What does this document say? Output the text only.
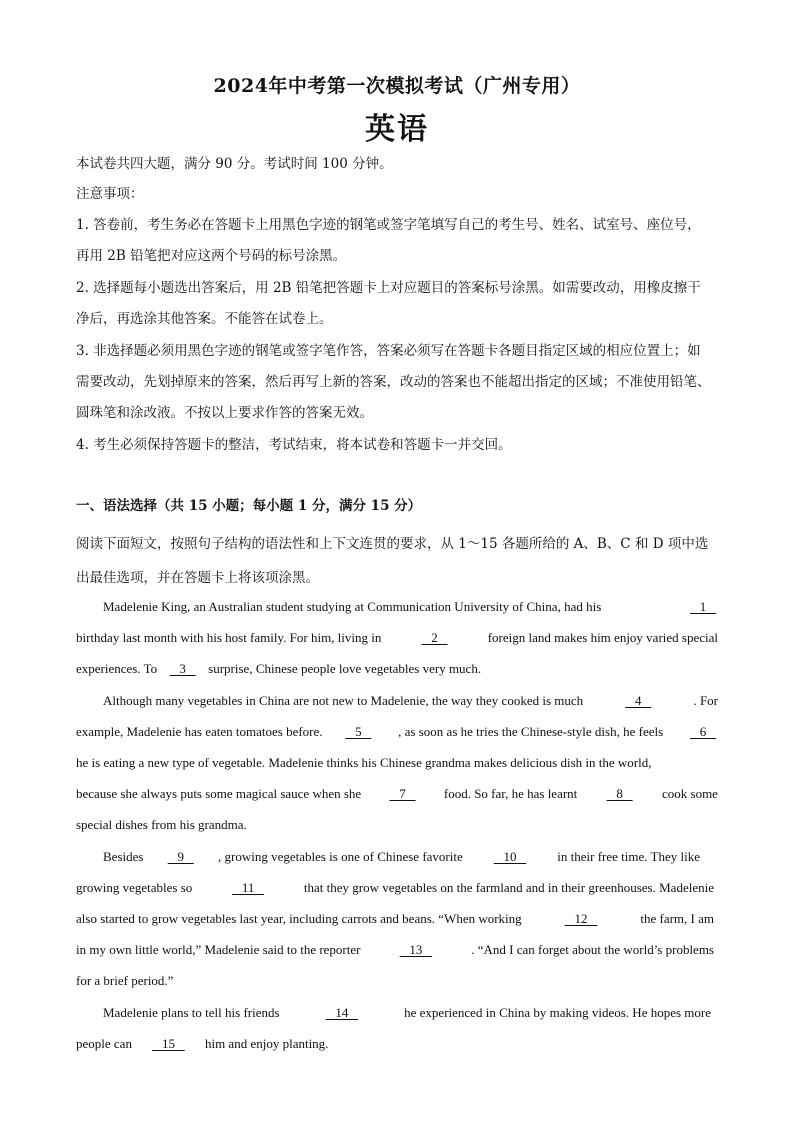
2024年中考第一次模拟考试（广州专用）
英语
本试卷共四大题，满分 90 分。考试时间 100 分钟。
注意事项：
1. 答卷前，考生务必在答题卡上用黑色字迹的钢笔或签字笔填写自己的考生号、姓名、试室号、座位号，
再用 2B 铅笔把对应这两个号码的标号涂黑。
2. 选择题每小题选出答案后，用 2B 铅笔把答题卡上对应题目的答案标号涂黑。如需要改动，用橡皮擦干
净后，再选涂其他答案。不能答在试卷上。
3. 非选择题必须用黑色字迹的钢笔或签字笔作答，答案必须写在答题卡各题目指定区域的相应位置上；如
需要改动，先划掉原来的答案，然后再写上新的答案，改动的答案也不能超出指定的区域；不准使用铅笔、
圆珠笔和涂改液。不按以上要求作答的答案无效。
4. 考生必须保持答题卡的整洁，考试结束，将本试卷和答题卡一并交回。
一、语法选择（共 15 小题；每小题 1 分，满分 15 分）
阅读下面短文，按照句子结构的语法性和上下文连贯的要求，从 1～15 各题所给的 A、B、C 和 D 项中选
出最佳选项，并在答题卡上将该项涂黑。
Madelenie King, an Australian student studying at Communication University of China, had his	1
birthday last month with his host family. For him, living in	2	foreign land makes him enjoy varied special
experiences. To     3     surprise, Chinese people love vegetables very much.
Although many vegetables in China are not new to Madelenie, the way they cooked is much	4	. For
example, Madelenie has eaten tomatoes before.	5	, as soon as he tries the Chinese-style dish, he feels	6
he is eating a new type of vegetable. Madelenie thinks his Chinese grandma makes delicious dish in the world,
because she always puts some magical sauce when she	7	food. So far, he has learnt	8	cook some
special dishes from his grandma.
Besides	9	, growing vegetables is one of Chinese favorite	10	in their free time. They like
growing vegetables so	11	that they grow vegetables on the farmland and in their greenhouses. Madelenie
also started to grow vegetables last year, including carrots and beans. “When working	12	the farm, I am
in my own little world,” Madelenie said to the reporter	13	. “And I can forget about the world’s problems
for a brief period.”
Madelenie plans to tell his friends	14	he experienced in China by making videos. He hopes more
people can     15     him and enjoy planting.
